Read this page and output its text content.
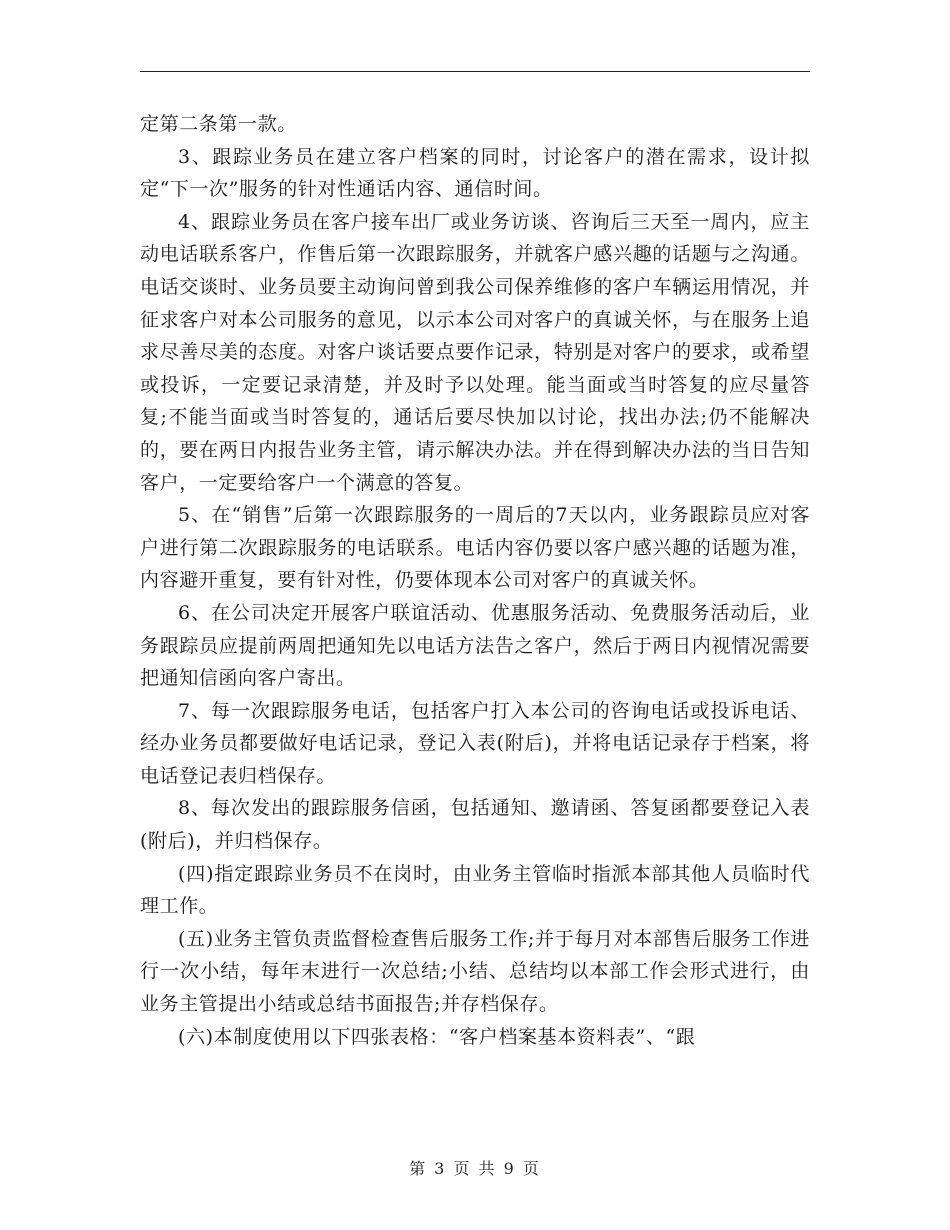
定第二条第一款。

3、跟踪业务员在建立客户档案的同时，讨论客户的潜在需求，设计拟定“下一次”服务的针对性通话内容、通信时间。

4、跟踪业务员在客户接车出厂或业务访谈、咨询后三天至一周内，应主动电话联系客户，作售后第一次跟踪服务，并就客户感兴趣的话题与之沟通。电话交谈时、业务员要主动询问曾到我公司保养维修的客户车辆运用情况，并征求客户对本公司服务的意见，以示本公司对客户的真诚关怀，与在服务上追求尽善尽美的态度。对客户谈话要点要作记录，特别是对客户的要求，或希望或投诉，一定要记录清楚，并及时予以处理。能当面或当时答复的应尽量答复;不能当面或当时答复的，通话后要尽快加以讨论，找出办法;仍不能解决的，要在两日内报告业务主管，请示解决办法。并在得到解决办法的当日告知客户，一定要给客户一个满意的答复。

5、在“销售”后第一次跟踪服务的一周后的7天以内，业务跟踪员应对客户进行第二次跟踪服务的电话联系。电话内容仍要以客户感兴趣的话题为准，内容避开重复，要有针对性，仍要体现本公司对客户的真诚关怀。

6、在公司决定开展客户联谊活动、优惠服务活动、免费服务活动后，业务跟踪员应提前两周把通知先以电话方法告之客户，然后于两日内视情况需要把通知信函向客户寄出。

7、每一次跟踪服务电话，包括客户打入本公司的咨询电话或投诉电话、经办业务员都要做好电话记录，登记入表(附后)，并将电话记录存于档案，将电话登记表归档保存。

8、每次发出的跟踪服务信函，包括通知、邀请函、答复函都要登记入表(附后)，并归档保存。

(四)指定跟踪业务员不在岗时，由业务主管临时指派本部其他人员临时代理工作。

(五)业务主管负责监督检查售后服务工作;并于每月对本部售后服务工作进行一次小结，每年末进行一次总结;小结、总结均以本部工作会形式进行，由业务主管提出小结或总结书面报告;并存档保存。

(六)本制度使用以下四张表格：“客户档案基本资料表”、“跟

第 3 页 共 9 页
